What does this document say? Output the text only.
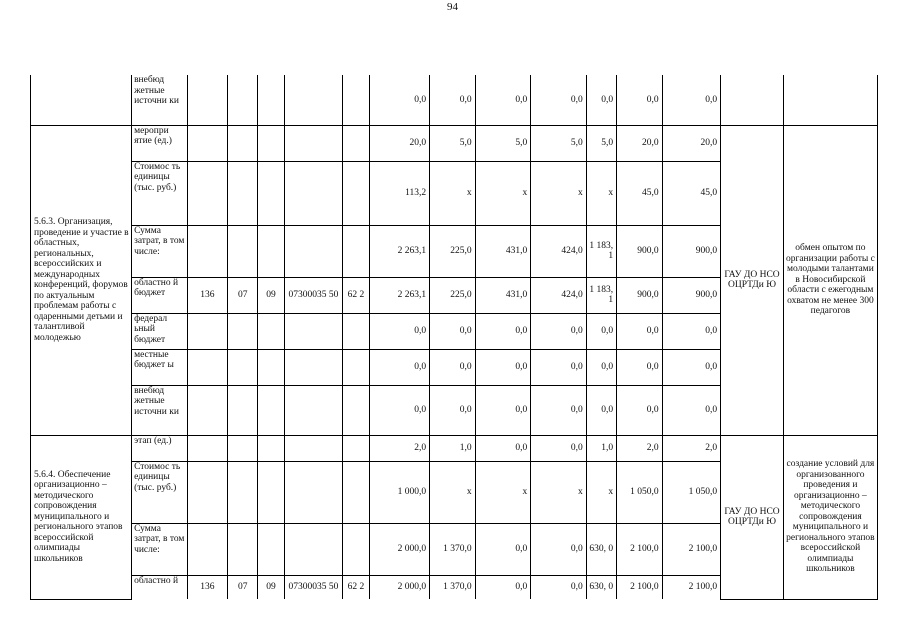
94
	внебюд жетные источни ки						0,0	0,0	0,0	0,0	0,0	0,0	0,0		
5.6.3. Организация, проведение и участие в областных, региональных, всероссийских и международных конференций, форумов по актуальным проблемам работы с одаренными детьми и талантливой молодежью	меропри ятие (ед.)						20,0	5,0	5,0	5,0	5,0	20,0	20,0	ГАУ ДО НСО ОЦРТДи Ю	обмен опытом по организации работы с молодыми талантами в Новосибирской области с ежегодным охватом не менее 300 педагогов
	Стоимос ть единицы (тыс. руб.)						113,2	х	х	х	х	45,0	45,0		
	Сумма затрат, в том числе:						2 263,1	225,0	431,0	424,0	1 183, 1	900,0	900,0		
	областно й бюджет	136	07	09	07300035 50	62 2	2 263,1	225,0	431,0	424,0	1 183, 1	900,0	900,0		
	федерал ьный бюджет						0,0	0,0	0,0	0,0	0,0	0,0	0,0		
	местные бюджет ы						0,0	0,0	0,0	0,0	0,0	0,0	0,0		
	внебюд жетные источни ки						0,0	0,0	0,0	0,0	0,0	0,0	0,0		
5.6.4. Обеспечение организационно – методического сопровождения муниципального и регионального этапов всероссийской олимпиады школьников	этап (ед.)						2,0	1,0	0,0	0,0	1,0	2,0	2,0	ГАУ ДО НСО ОЦРТДи Ю	создание условий для организованного проведения и организационно – методического сопровождения муниципального и регионального этапов всероссийской олимпиады школьников
	Стоимос ть единицы (тыс. руб.)						1 000,0	х	х	х	х	1 050,0	1 050,0		
	Сумма затрат, в том числе:						2 000,0	1 370,0	0,0	0,0	630, 0	2 100,0	2 100,0		
	областно й	136	07	09	07300035 50	62 2	2 000,0	1 370,0	0,0	0,0	630, 0	2 100,0	2 100,0		
